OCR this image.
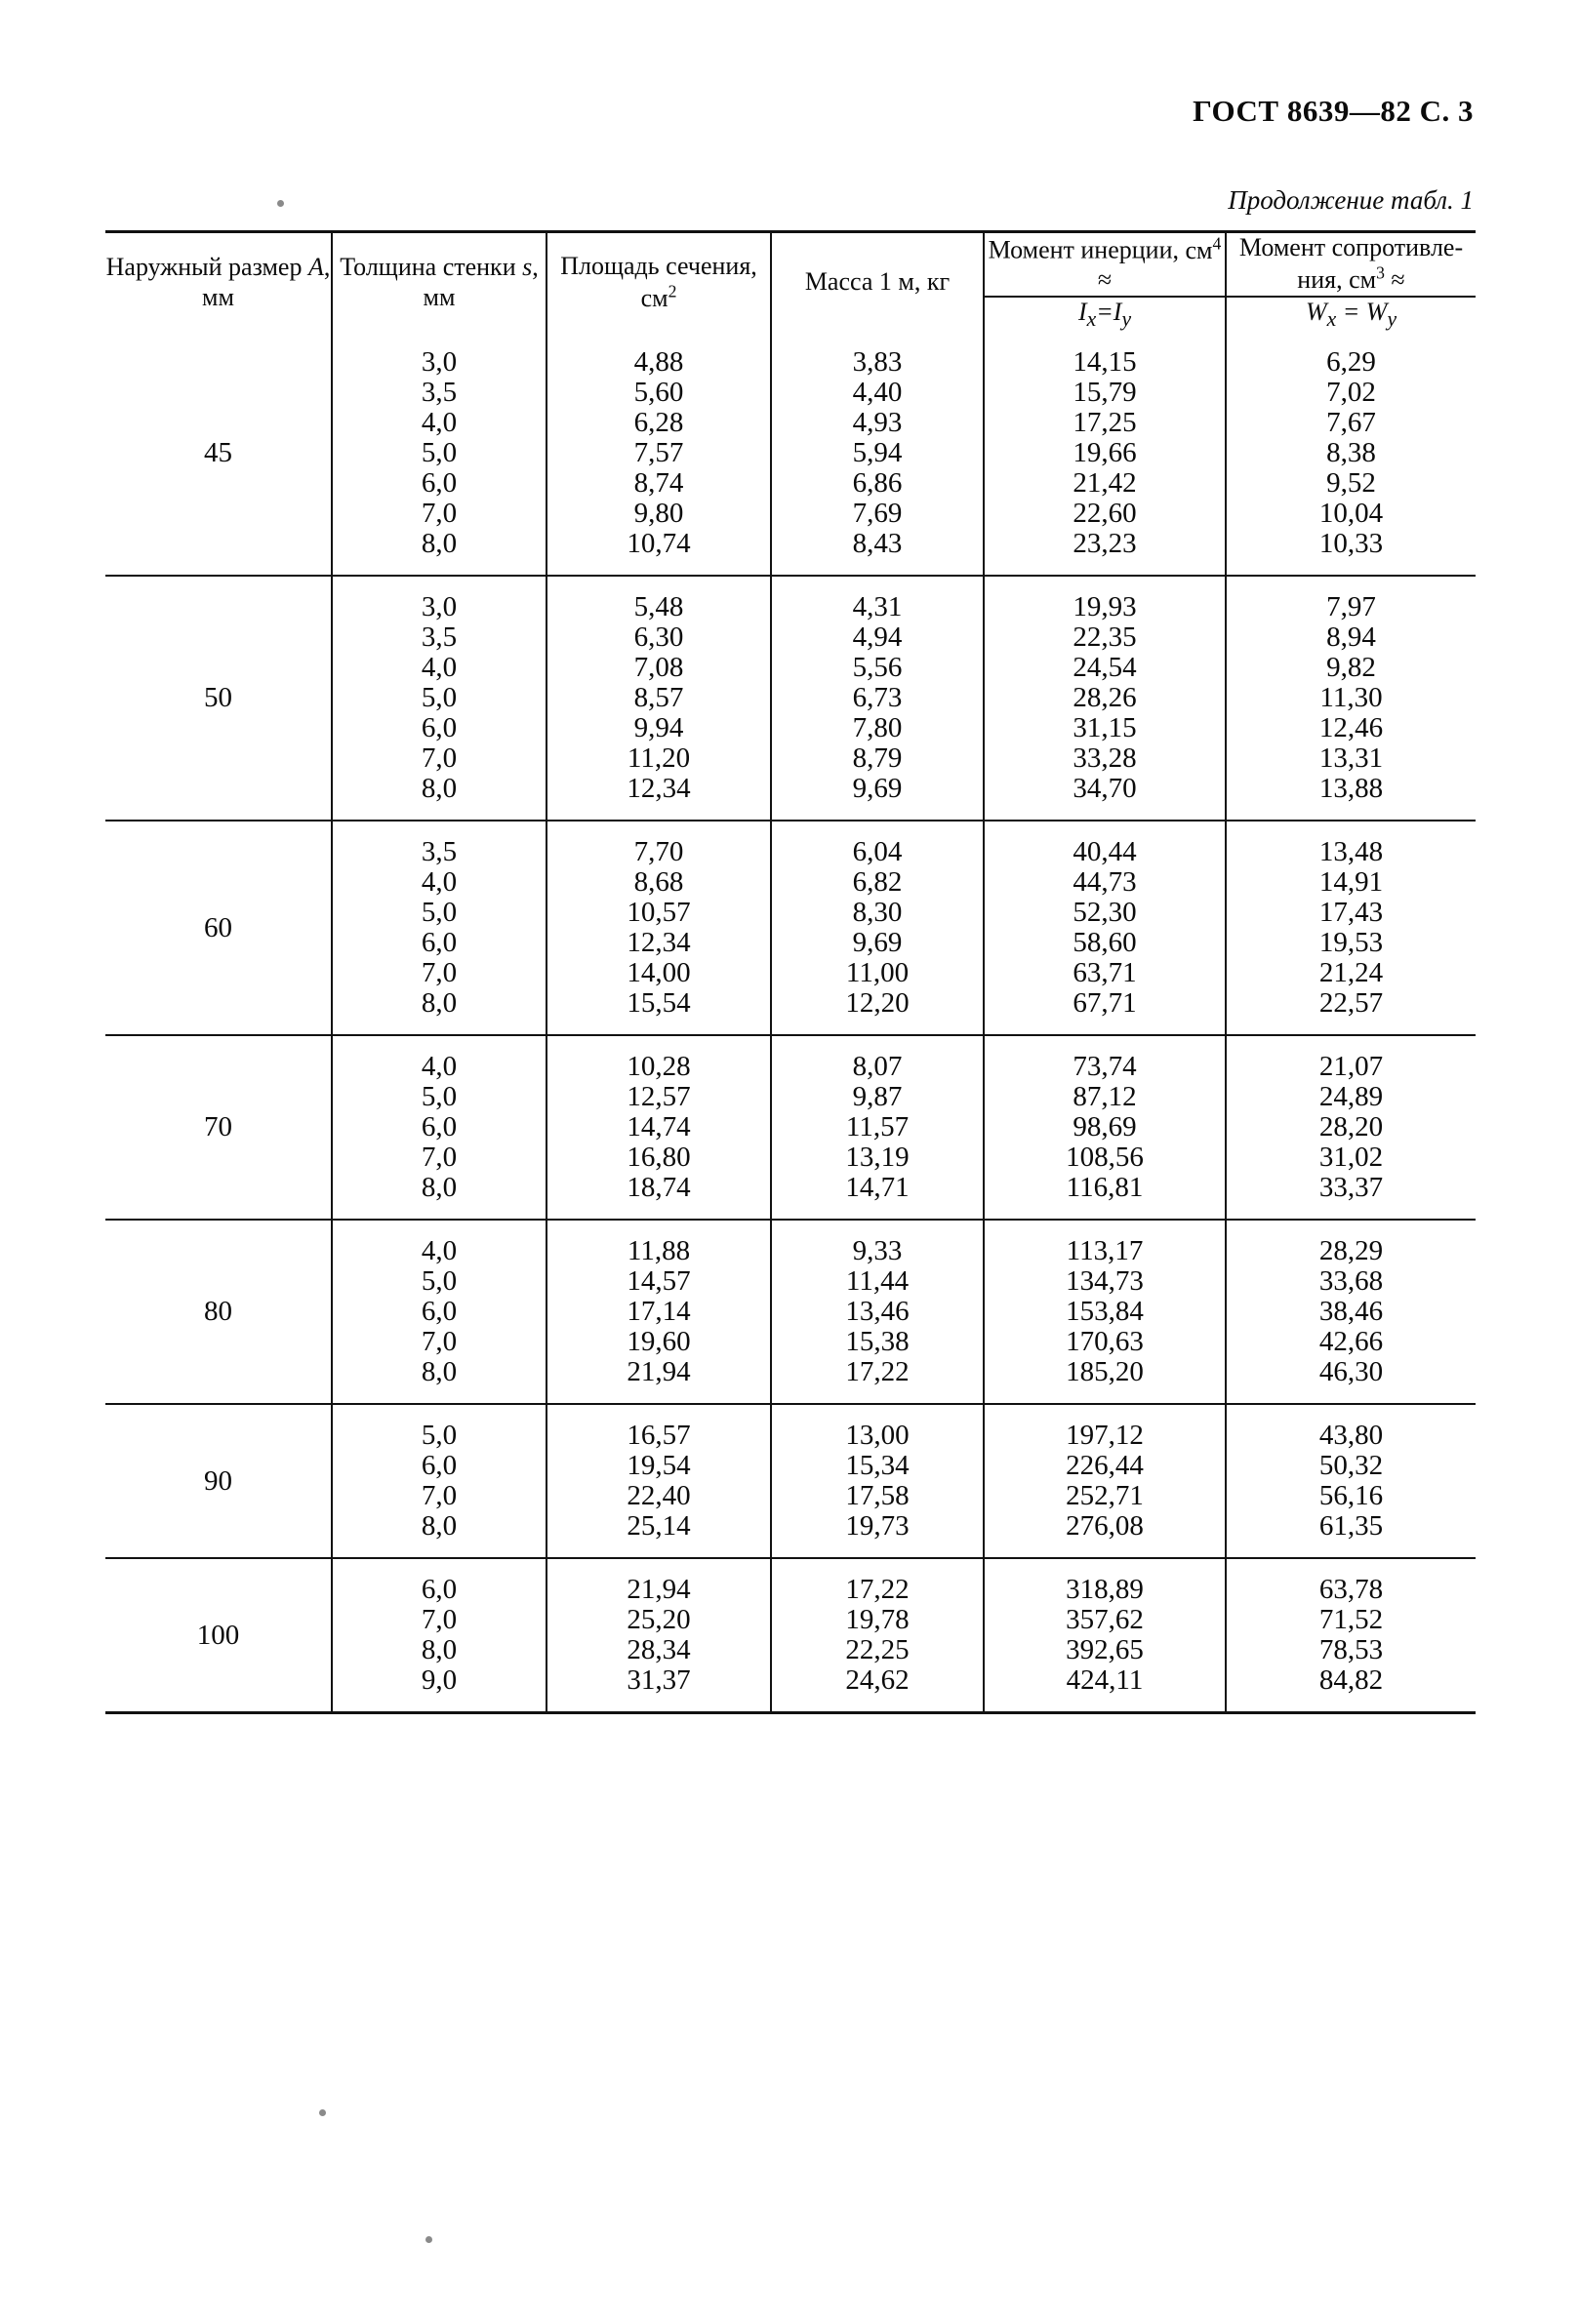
ГОСТ 8639—82 С. 3
Продолжение табл. 1
Наружный размер A, мм	Толщина стенки s, мм	Площадь сечения, $см^2$	Масса 1 м, кг	Момент инерции, $см^4$ ≈	Момент сопротивле- ния, $см^3$ ≈
				$I_x=I_y$	$W_x = W_y$
45					
	3,0	4,88	3,83	14,15	6,29
	3,5	5,60	4,40	15,79	7,02
	4,0	6,28	4,93	17,25	7,67
	5,0	7,57	5,94	19,66	8,38
	6,0	8,74	6,86	21,42	9,52
	7,0	9,80	7,69	22,60	10,04
	8,0	10,74	8,43	23,23	10,33

50					
	3,0	5,48	4,31	19,93	7,97
	3,5	6,30	4,94	22,35	8,94
	4,0	7,08	5,56	24,54	9,82
	5,0	8,57	6,73	28,26	11,30
	6,0	9,94	7,80	31,15	12,46
	7,0	11,20	8,79	33,28	13,31
	8,0	12,34	9,69	34,70	13,88

60					
	3,5	7,70	6,04	40,44	13,48
	4,0	8,68	6,82	44,73	14,91
	5,0	10,57	8,30	52,30	17,43
	6,0	12,34	9,69	58,60	19,53
	7,0	14,00	11,00	63,71	21,24
	8,0	15,54	12,20	67,71	22,57

70					
	4,0	10,28	8,07	73,74	21,07
	5,0	12,57	9,87	87,12	24,89
	6,0	14,74	11,57	98,69	28,20
	7,0	16,80	13,19	108,56	31,02
	8,0	18,74	14,71	116,81	33,37

80					
	4,0	11,88	9,33	113,17	28,29
	5,0	14,57	11,44	134,73	33,68
	6,0	17,14	13,46	153,84	38,46
	7,0	19,60	15,38	170,63	42,66
	8,0	21,94	17,22	185,20	46,30

90					
	5,0	16,57	13,00	197,12	43,80
	6,0	19,54	15,34	226,44	50,32
	7,0	22,40	17,58	252,71	56,16
	8,0	25,14	19,73	276,08	61,35

100					
	6,0	21,94	17,22	318,89	63,78
	7,0	25,20	19,78	357,62	71,52
	8,0	28,34	22,25	392,65	78,53
	9,0	31,37	24,62	424,11	84,82
